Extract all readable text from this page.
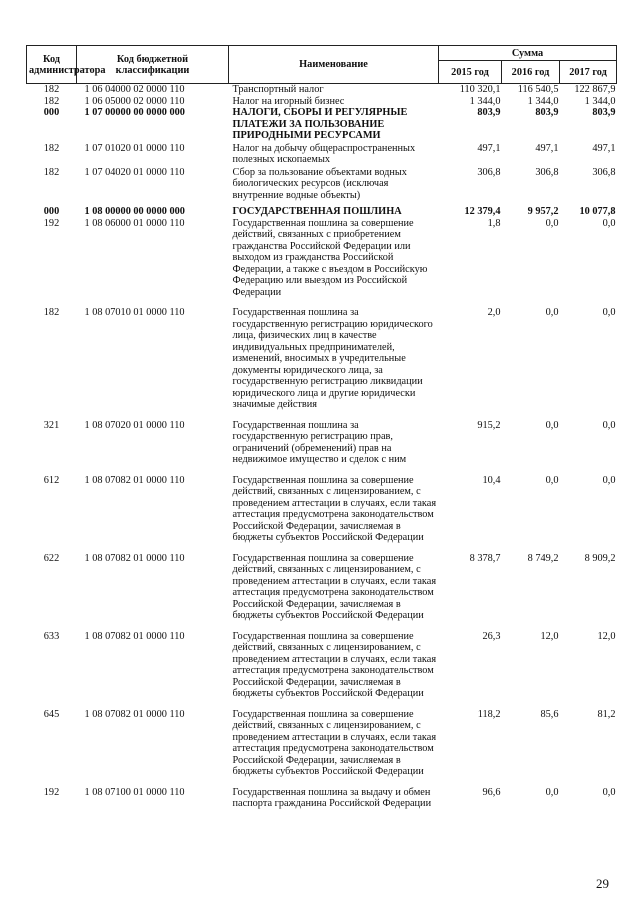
Код администратора	Код бюджетной классификации	Наименование	Сумма		
			2015 год	2016 год	2017 год
182	1 06 04000 02 0000 110	Транспортный налог	110 320,1	116 540,5	122 867,9
182	1 06 05000 02 0000 110	Налог на игорный бизнес	1 344,0	1 344,0	1 344,0
000	1 07 00000 00 0000 000	НАЛОГИ, СБОРЫ И РЕГУЛЯРНЫЕ ПЛАТЕЖИ ЗА ПОЛЬЗОВАНИЕ ПРИРОДНЫМИ РЕСУРСАМИ	803,9	803,9	803,9
182	1 07 01020 01 0000 110	Налог на добычу общераспространенных полезных ископаемых	497,1	497,1	497,1
182	1 07 04020 01 0000 110	Сбор за пользование объектами водных биологических ресурсов (исключая внутренние водные объекты)	306,8	306,8	306,8
000	1 08 00000 00 0000 000	ГОСУДАРСТВЕННАЯ ПОШЛИНА	12 379,4	9 957,2	10 077,8
192	1 08 06000 01 0000 110	Государственная пошлина за совершение действий, связанных с приобретением гражданства Российской Федерации или выходом из гражданства Российской Федерации, а также с въездом в Российскую Федерацию или выездом из Российской Федерации	1,8	0,0	0,0
182	1 08 07010 01 0000 110	Государственная пошлина за государственную регистрацию юридического лица, физических лиц в качестве индивидуальных предпринимателей, изменений, вносимых в учредительные документы юридического лица, за государственную регистрацию ликвидации юридического лица и другие юридически значимые действия	2,0	0,0	0,0
321	1 08 07020 01 0000 110	Государственная пошлина за государственную регистрацию прав, ограничений (обременений) прав на недвижимое имущество и сделок с ним	915,2	0,0	0,0
612	1 08 07082 01 0000 110	Государственная пошлина за совершение действий, связанных с лицензированием, с проведением аттестации в случаях, если такая аттестация предусмотрена законодательством Российской Федерации, зачисляемая в бюджеты субъектов Российской Федерации	10,4	0,0	0,0
622	1 08 07082 01 0000 110	Государственная пошлина за совершение действий, связанных с лицензированием, с проведением аттестации в случаях, если такая аттестация предусмотрена законодательством Российской Федерации, зачисляемая в бюджеты субъектов Российской Федерации	8 378,7	8 749,2	8 909,2
633	1 08 07082 01 0000 110	Государственная пошлина за совершение действий, связанных с лицензированием, с проведением аттестации в случаях, если такая аттестация предусмотрена законодательством Российской Федерации, зачисляемая в бюджеты субъектов Российской Федерации	26,3	12,0	12,0
645	1 08 07082 01 0000 110	Государственная пошлина за совершение действий, связанных с лицензированием, с проведением аттестации в случаях, если такая аттестация предусмотрена законодательством Российской Федерации, зачисляемая в бюджеты субъектов Российской Федерации	118,2	85,6	81,2
192	1 08 07100 01 0000 110	Государственная пошлина за выдачу и обмен паспорта гражданина Российской Федерации	96,6	0,0	0,0
29
